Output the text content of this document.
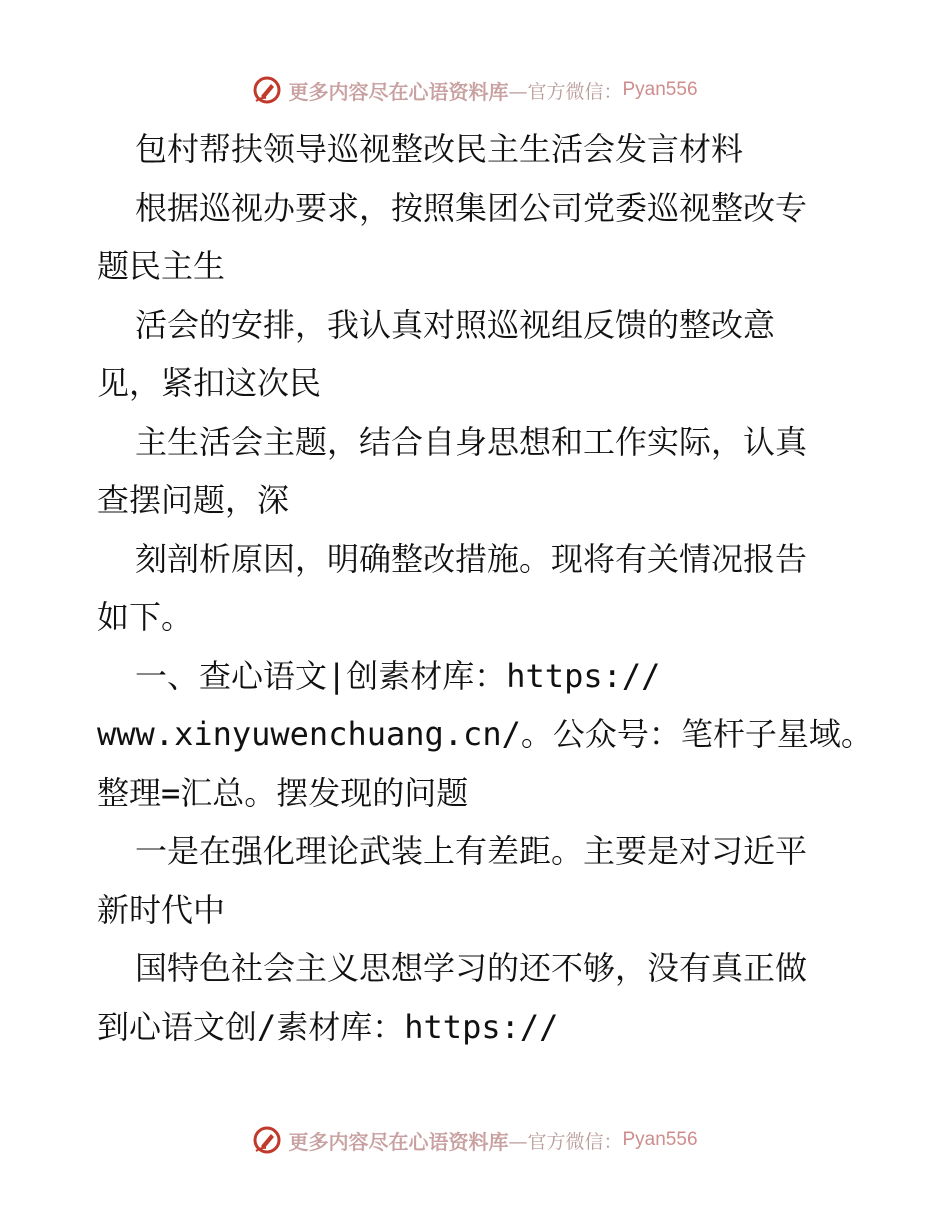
更多内容尽在心语资料库 —官方微信： Pyan556
包村帮扶领导巡视整改民主生活会发言材料
根据巡视办要求，按照集团公司党委巡视整改专
题民主生
活会的安排，我认真对照巡视组反馈的整改意
见，紧扣这次民
主生活会主题，结合自身思想和工作实际，认真
查摆问题，深
刻剖析原因，明确整改措施。现将有关情况报告
如下。
一、查心语文|创素材库：https://
www.xinyuwenchuang.cn/。公众号：笔杆子星域。
整理=汇总。摆发现的问题
一是在强化理论武装上有差距。主要是对习近平
新时代中
国特色社会主义思想学习的还不够，没有真正做
到心语文创/素材库：https://
更多内容尽在心语资料库 —官方微信： Pyan556
